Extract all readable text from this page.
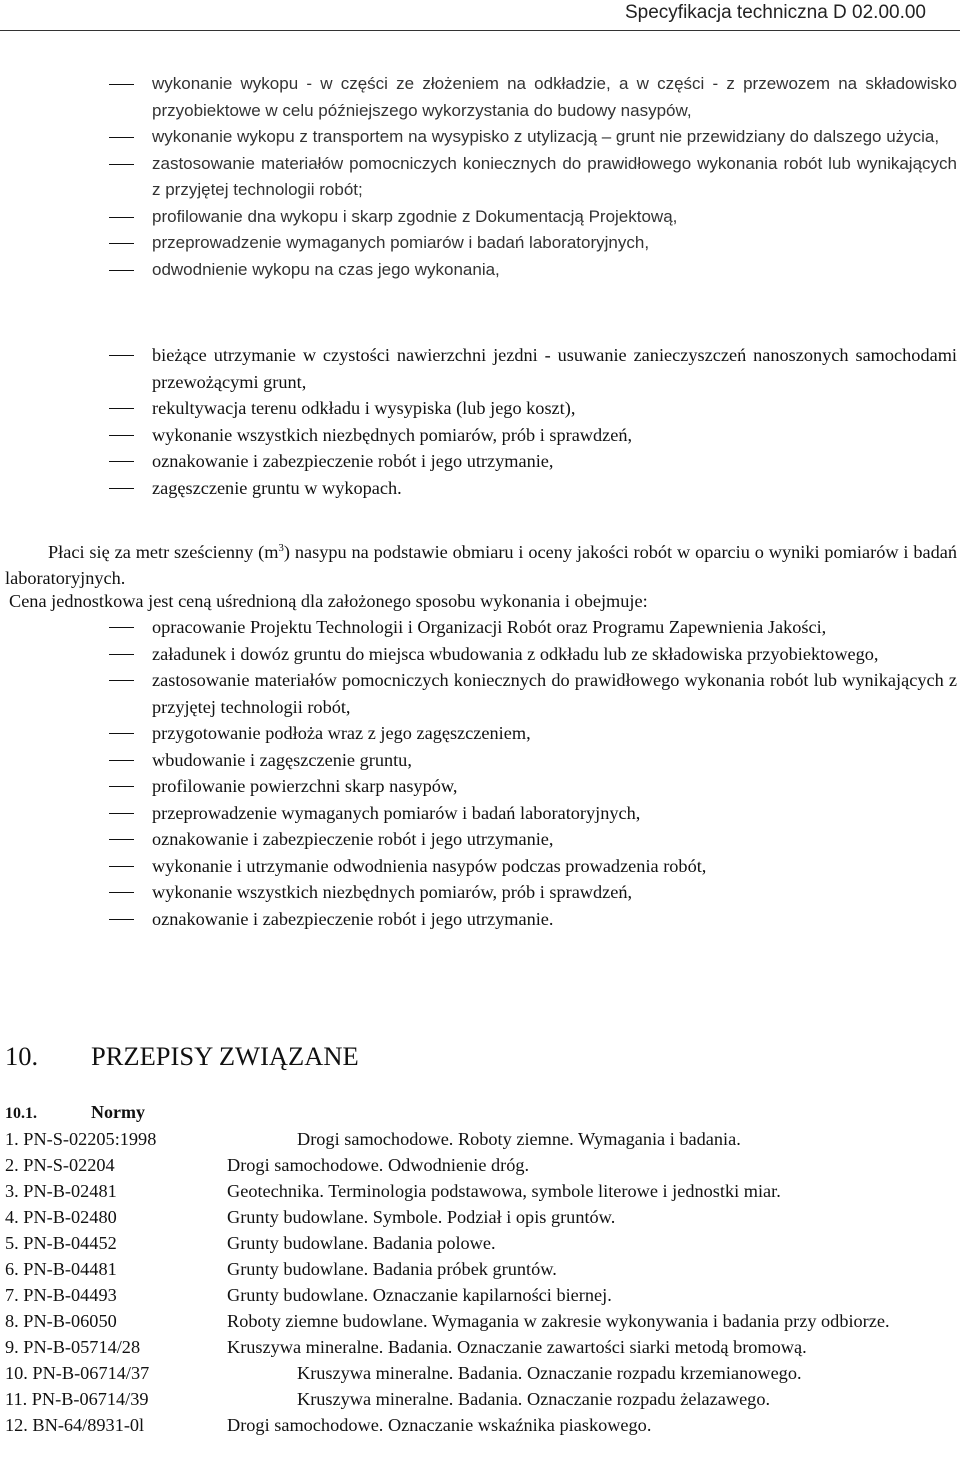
Specyfikacja techniczna D 02.00.00
wykonanie wykopu - w części ze złożeniem na odkładzie, a w części - z przewozem na składowisko przyobiektowe w celu późniejszego wykorzystania do budowy nasypów,
wykonanie wykopu z transportem na wysypisko z utylizacją – grunt nie przewidziany do dalszego użycia,
zastosowanie materiałów pomocniczych koniecznych do prawidłowego wykonania robót lub wynikających z przyjętej technologii robót;
profilowanie dna wykopu i skarp zgodnie z Dokumentacją Projektową,
przeprowadzenie wymaganych pomiarów i badań laboratoryjnych,
odwodnienie wykopu na czas jego wykonania,
bieżące utrzymanie w czystości nawierzchni jezdni - usuwanie zanieczyszczeń nanoszonych samochodami przewożącymi grunt,
rekultywacja terenu odkładu i wysypiska (lub jego koszt),
wykonanie wszystkich niezbędnych pomiarów, prób i sprawdzeń,
oznakowanie i zabezpieczenie robót i jego utrzymanie,
zagęszczenie gruntu w wykopach.
Płaci się za metr sześcienny $(m^3)$ nasypu na podstawie obmiaru i oceny jakości robót w oparciu o wyniki pomiarów i badań laboratoryjnych.
Cena jednostkowa jest ceną uśrednioną dla założonego sposobu wykonania i obejmuje:
opracowanie Projektu Technologii i Organizacji Robót oraz Programu Zapewnienia Jakości,
załadunek i dowóz gruntu do miejsca wbudowania z odkładu lub ze składowiska przyobiektowego,
zastosowanie materiałów pomocniczych koniecznych do prawidłowego wykonania robót lub wynikających z przyjętej technologii robót,
przygotowanie podłoża wraz z jego zagęszczeniem,
wbudowanie i zagęszczenie gruntu,
profilowanie powierzchni skarp nasypów,
przeprowadzenie wymaganych pomiarów i badań laboratoryjnych,
oznakowanie i zabezpieczenie robót i jego utrzymanie,
wykonanie i utrzymanie odwodnienia nasypów podczas prowadzenia robót,
wykonanie wszystkich niezbędnych pomiarów, prób i sprawdzeń,
oznakowanie i zabezpieczenie robót i jego utrzymanie.
10. PRZEPISY ZWIĄZANE
10.1.	Normy
1. PN-S-02205:1998	Drogi samochodowe. Roboty ziemne. Wymagania i badania.
2. PN-S-02204	Drogi samochodowe. Odwodnienie dróg.
3. PN-B-02481	Geotechnika. Terminologia podstawowa, symbole literowe i jednostki miar.
4. PN-B-02480	Grunty budowlane. Symbole. Podział i opis gruntów.
5. PN-B-04452	Grunty budowlane. Badania polowe.
6. PN-B-04481	Grunty budowlane. Badania próbek gruntów.
7. PN-B-04493	Grunty budowlane. Oznaczanie kapilarności biernej.
8. PN-B-06050	Roboty ziemne budowlane. Wymagania w zakresie wykonywania i badania przy odbiorze.
9. PN-B-05714/28	Kruszywa mineralne. Badania. Oznaczanie zawartości siarki metodą bromową.
10. PN-B-06714/37	Kruszywa mineralne. Badania. Oznaczanie rozpadu krzemianowego.
11. PN-B-06714/39	Kruszywa mineralne. Badania. Oznaczanie rozpadu żelazawego.
12. BN-64/8931-0l	Drogi samochodowe. Oznaczanie wskaźnika piaskowego.
